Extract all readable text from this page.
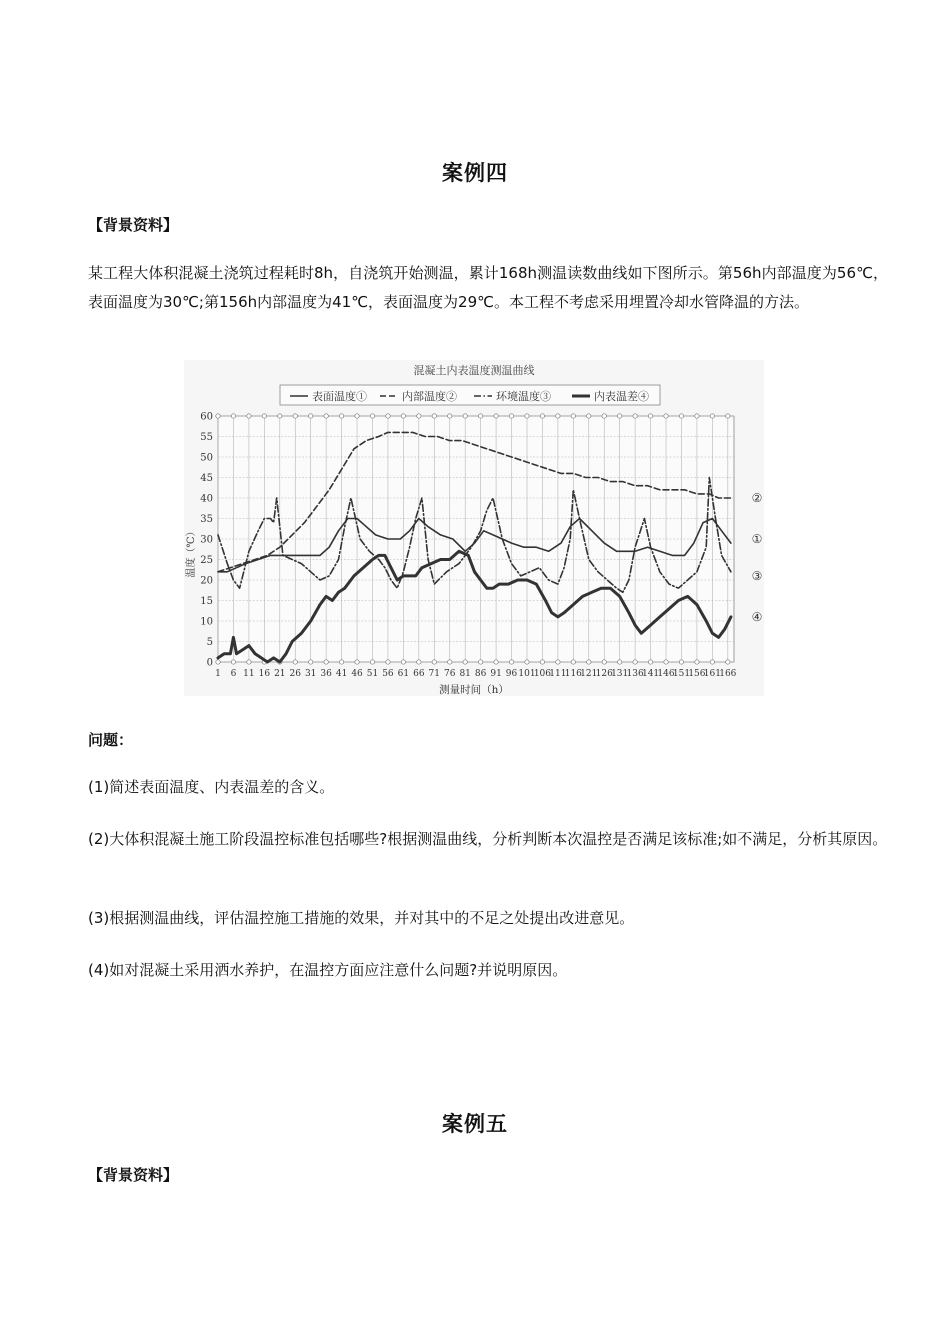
案例四
【背景资料】
某工程大体积混凝土浇筑过程耗时8h，自浇筑开始测温，累计168h测温读数曲线如下图所示。第56h内部温度为56℃，表面温度为30℃;第156h内部温度为41℃，表面温度为29℃。本工程不考虑采用埋置冷却水管降温的方法。
混凝土内表温度测温曲线
表面温度①	内部温度②	环境温度③	内表温差④
0
5
10
15
20
25
30
35
40
45
50
55
60
1 6 11 16 21 26 31 36 41 46 51 56 61 66 71 76 81 86 91 96 101
106
111
116
121
126
131
136
141
146
151
156
161
166
①
②
③
④
测量时间（h）
温度（℃）
问题：
(1)简述表面温度、内表温差的含义。
(2)大体积混凝土施工阶段温控标准包括哪些?根据测温曲线，分析判断本次温控是否满足该标准;如不满足，分析其原因。
(3)根据测温曲线，评估温控施工措施的效果，并对其中的不足之处提出改进意见。
(4)如对混凝土采用洒水养护，在温控方面应注意什么问题?并说明原因。
案例五
【背景资料】
